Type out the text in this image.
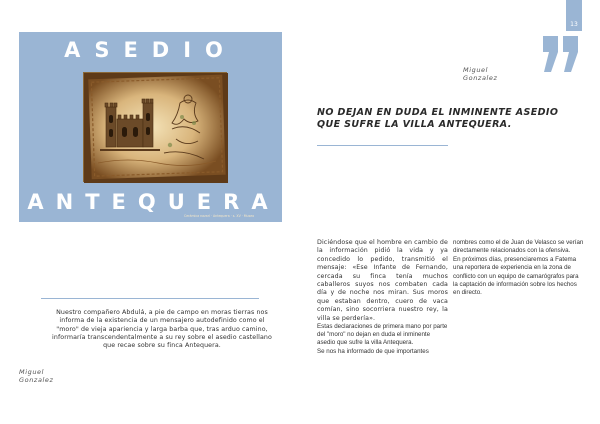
ASEDIO
Cerámica nazarí · Antequera · s. XV · Museo
ANTEQUERA
Nuestro compañero Abdulá, a pie de campo en moras tierras nos informa de la existencia de un mensajero autodefinido como el "moro" de vieja apariencia y larga barba que, tras arduo camino, informaría transcendentalmente a su rey sobre el asedio castellano que recae sobre su finca Antequera.
Miguel
Gonzalez
13
Miguel
Gonzalez
NO DEJAN EN DUDA EL INMINENTE ASEDIO QUE SUFRE LA VILLA ANTEQUERA.

Diciéndose que el hombre en cambio de la información pidió la vida y ya concedido lo pedido, transmitió el mensaje: «Ese Infante de Fernando, cercada su finca tenía muchos caballeros suyos nos combaten cada día y de noche nos miran. Sus moros que estaban dentro, cuero de vaca comían, sino socorriera nuestro rey, la villa se perdería».

Estas declaraciones de primera mano por parte del "moro" no dejan en duda el inminente asedio que sufre la villa Antequera.

Se nos ha informado de que importantes

nombres como el de Juan de Velasco se verían directamente relacionados con la ofensiva.

En próximos días, presenciaremos a Fatema una reportera de experiencia en la zona de conflicto con un equipo de camarógrafos para la captación de información sobre los hechos en directo.
